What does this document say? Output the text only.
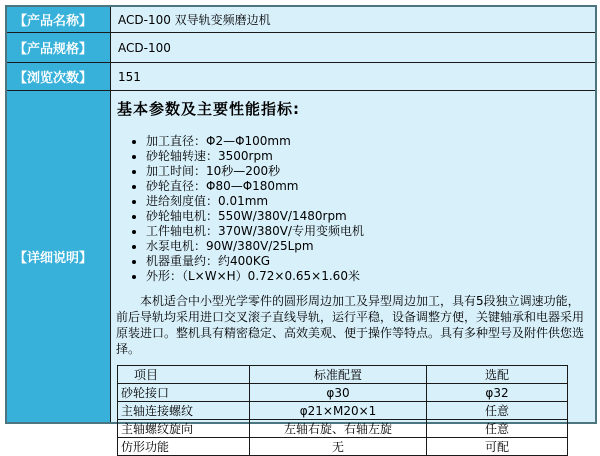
【产品名称】	ACD-100 双导轨变频磨边机
【产品规格】	ACD-100
【浏览次数】	151
【详细说明】
基本参数及主要性能指标:
• 加工直径：Φ2—Φ100mm
• 砂轮轴转速：3500rpm
• 加工时间：10秒—200秒
• 砂轮直径：Φ80—Φ180mm
• 进给刻度值：0.01mm
• 砂轮轴电机：550W/380V/1480rpm
• 工件轴电机：370W/380V/专用变频电机
• 水泵电机：90W/380V/25Lpm
• 机器重量约：约400KG
• 外形：（L×W×H）0.72×0.65×1.60米

本机适合中小型光学零件的圆形周边加工及异型周边加工，具有5段独立调速功能，前后导轨均采用进口交叉滚子直线导轨，运行平稳，设备调整方便，关键轴承和电器采用原装进口。整机具有精密稳定、高效美观、便于操作等特点。具有多种型号及附件供您选择。

项目	标准配置	选配
砂轮接口	φ30	φ32
主轴连接螺纹	φ21×M20×1	任意
主轴螺纹旋向	左轴右旋、右轴左旋	任意
仿形功能	无	可配
